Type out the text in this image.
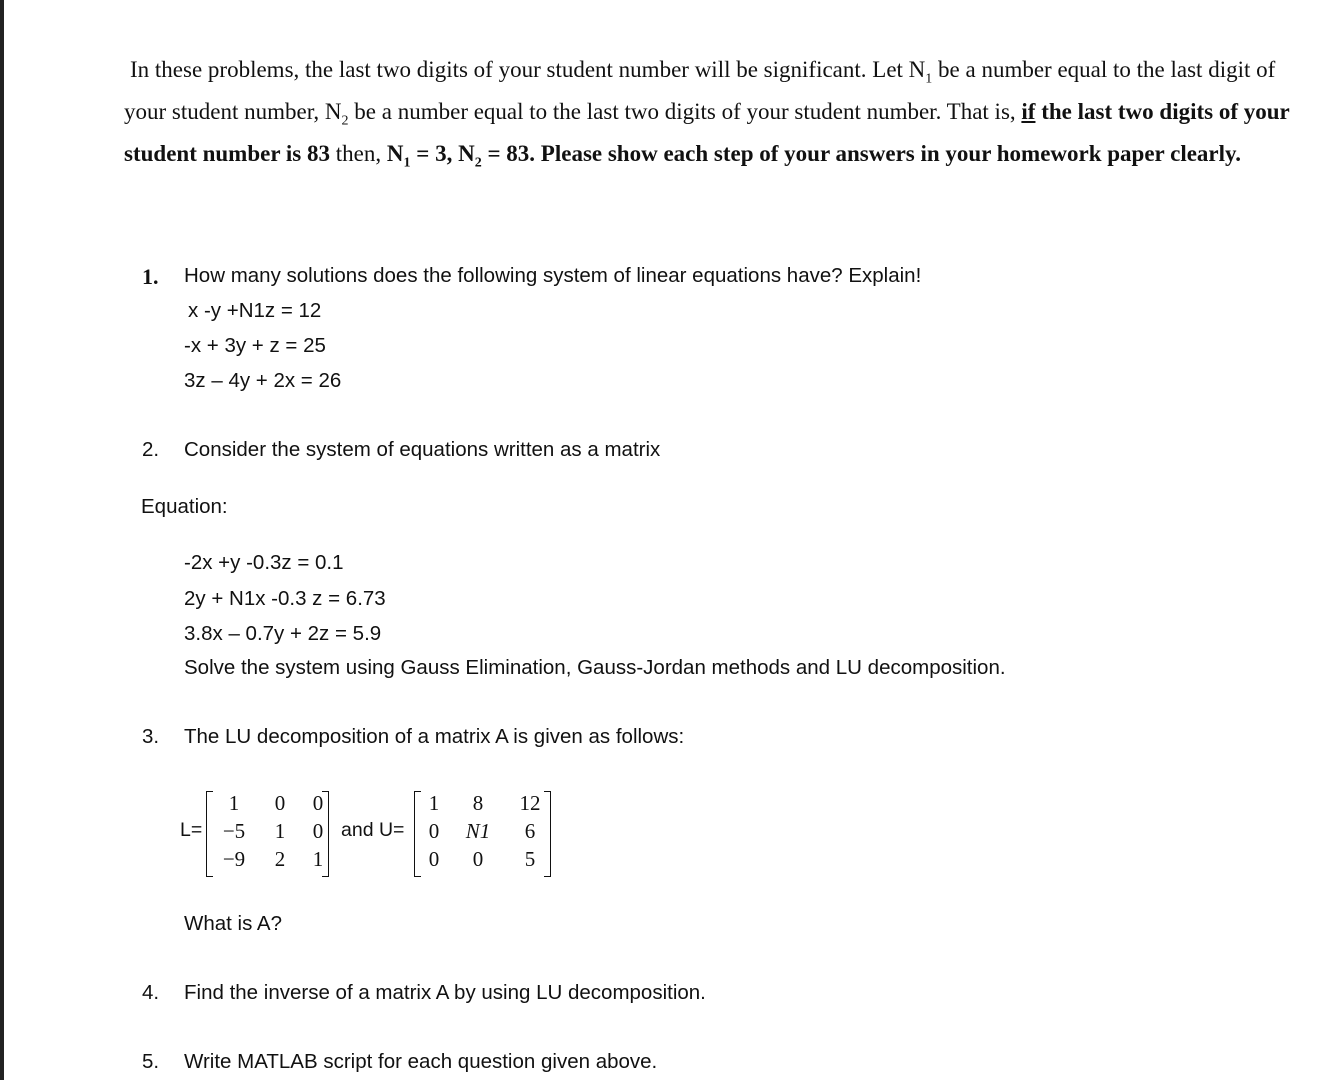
In these problems, the last two digits of your student number will be significant. Let $N_1$ be a number equal to the last digit of your student number, $N_2$ be a number equal to the last two digits of your student number. That is, if the last two digits of your student number is 83 then, $N_1 = 3$, $N_2 = 83$. Please show each step of your answers in your homework paper clearly.

1. How many solutions does the following system of linear equations have? Explain!
x -y +N1z = 12
-x + 3y + z = 25
3z – 4y + 2x = 26
2. Consider the system of equations written as a matrix
Equation:
-2x +y -0.3z = 0.1
2y + N1x -0.3 z = 6.73
3.8x – 0.7y + 2z = 5.9
Solve the system using Gauss Elimination, Gauss-Jordan methods and LU decomposition.
3. The LU decomposition of a matrix A is given as follows:
L=
1	0	0
−5	1	0
−9	2	1
and U=
1	8	12
0	N1	6
0	0	5
What is A?
4. Find the inverse of a matrix A by using LU decomposition.
5. Write MATLAB script for each question given above.
